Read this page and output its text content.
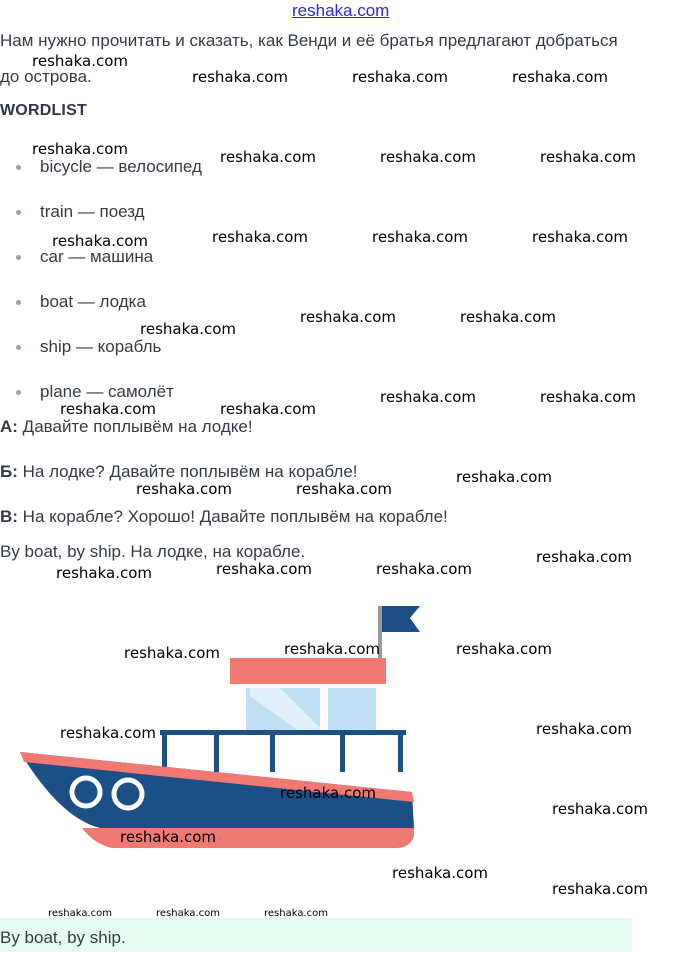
reshaka.com
Нам нужно прочитать и сказать, как Венди и её братья предлагают добраться
до острова.
WORDLIST
bicycle — велосипед
train — поезд
car — машина
boat — лодка
ship — корабль
plane — самолёт
А: Давайте поплывём на лодке!
Б: На лодке? Давайте поплывём на корабле!
В: На корабле? Хорошо! Давайте поплывём на корабле!
By boat, by ship. На лодке, на корабле.
By boat, by ship.
reshaka.com
reshaka.com	reshaka.com	reshaka.com
reshaka.com	reshaka.com	reshaka.com	reshaka.com
reshaka.com	reshaka.com	reshaka.com	reshaka.com
reshaka.com
reshaka.com	reshaka.com
reshaka.com	reshaka.com
reshaka.com	reshaka.com
reshaka.com	reshaka.com
reshaka.com
reshaka.com	reshaka.com	reshaka.com
reshaka.com
reshaka.com	reshaka.com	reshaka.com
reshaka.com	reshaka.com
reshaka.com
reshaka.com
reshaka.com
reshaka.com
reshaka.com
reshaka.com	reshaka.com	reshaka.com
